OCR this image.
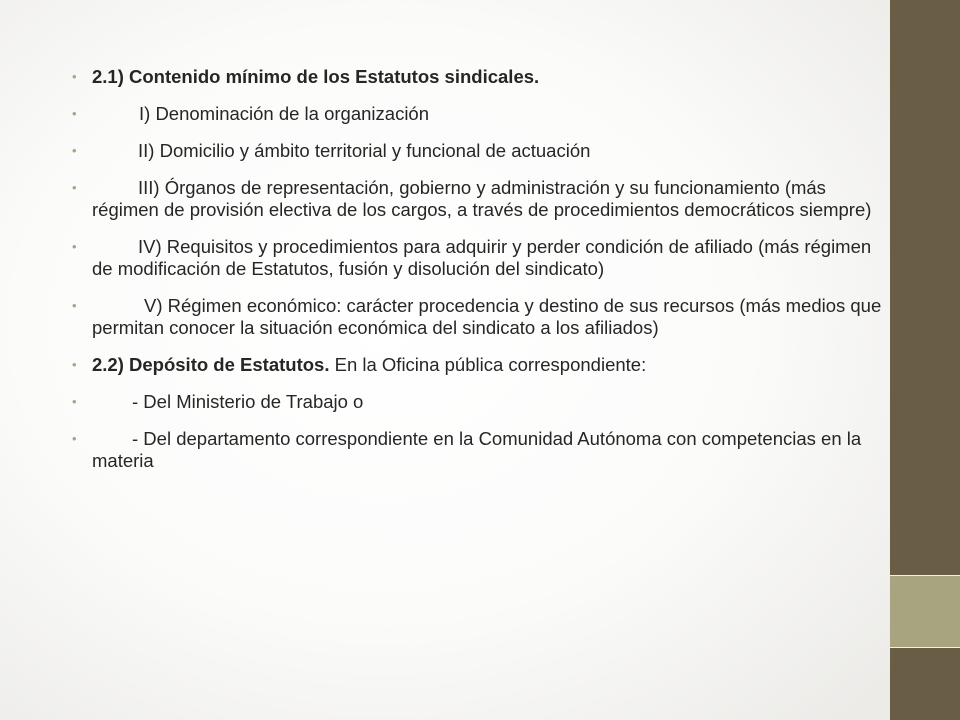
• 2.1) Contenido mínimo de los Estatutos sindicales.
•	I) Denominación de la organización
•	II) Domicilio y ámbito territorial y funcional de actuación
•	III) Órganos de representación, gobierno y administración y su funcionamiento (más régimen de provisión electiva de los cargos, a través de procedimientos democráticos siempre)
•	IV) Requisitos y procedimientos para adquirir y perder condición de afiliado (más régimen de modificación de Estatutos, fusión y disolución del sindicato)
•	V) Régimen económico: carácter procedencia y destino de sus recursos (más medios que permitan conocer la situación económica del sindicato a los afiliados)
• 2.2) Depósito de Estatutos. En la Oficina pública correspondiente:
•	- Del Ministerio de Trabajo o
•	- Del departamento correspondiente en la Comunidad Autónoma con competencias en la materia
